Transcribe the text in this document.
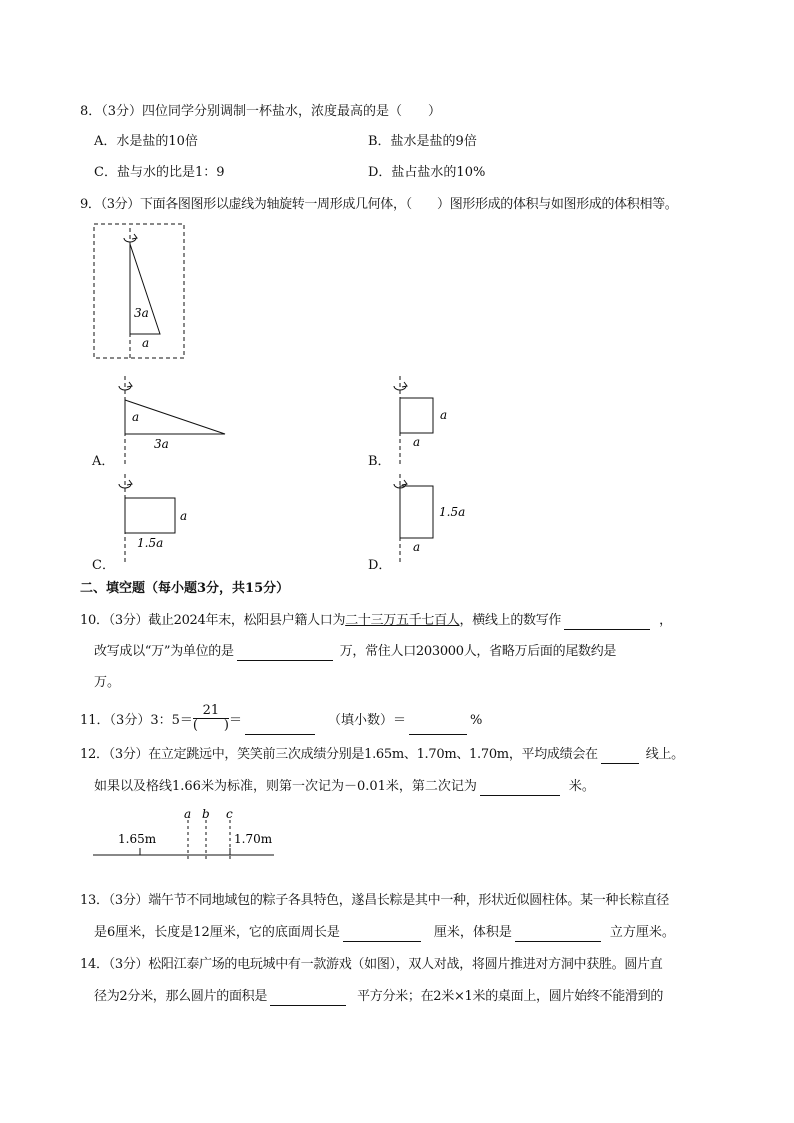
8．（3分）四位同学分别调制一杯盐水，浓度最高的是（　　）
A．水是盐的10倍	B．盐水是盐的9倍
C．盐与水的比是1：9	D．盐占盐水的10%
9．（3分）下面各图图形以虚线为轴旋转一周形成几何体，（　　）图形形成的体积与如图形成的体积相等。
3a
a
a
3a
A．
a
a
B．
a
1.5a
C．
1.5a
a
D．
二、填空题（每小题3分，共15分）
10．（3分）截止2024年末，松阳县户籍人口为二十三万五千七百人，横线上的数写作	，
改写成以“万”为单位的是	万，常住人口203000人，省略万后面的尾数约是
万。
11．（3分）3：$5= \frac{21}{( )}$ ＝	（填小数）＝	%
12．（3分）在立定跳远中，笑笑前三次成绩分别是1.65m、1.70m、1.70m，平均成绩会在	线上。
如果以及格线1.66米为标准，则第一次记为－0.01米，第二次记为	米。
1.65m
a b c
1.70m
13．（3分）端午节不同地域包的粽子各具特色，遂昌长粽是其中一种，形状近似圆柱体。某一种长粽直径
是6厘米，长度是12厘米，它的底面周长是	厘米，体积是	立方厘米。
14．（3分）松阳江泰广场的电玩城中有一款游戏（如图），双人对战，将圆片推进对方洞中获胜。圆片直
径为2分米，那么圆片的面积是	平方分米；在2米×1米的桌面上，圆片始终不能滑到的
